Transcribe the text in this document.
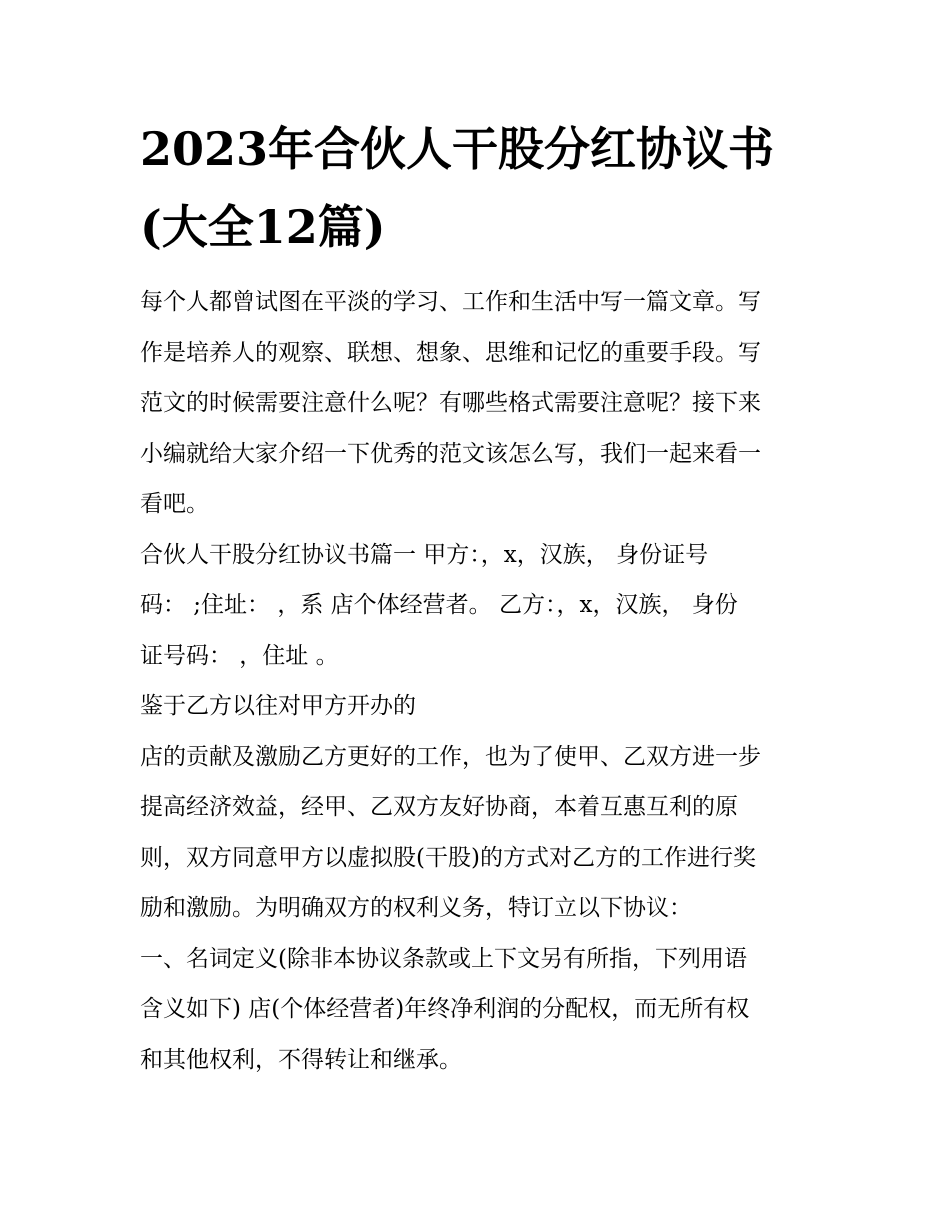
2023年合伙人干股分红协议书
(大全12篇)
每个人都曾试图在平淡的学习、工作和生活中写一篇文章。写
作是培养人的观察、联想、想象、思维和记忆的重要手段。写
范文的时候需要注意什么呢？有哪些格式需要注意呢？接下来
小编就给大家介绍一下优秀的范文该怎么写，我们一起来看一
看吧。
合伙人干股分红协议书篇一 甲方：，x，汉族， 身份证号
码： ;住址： ，系 店个体经营者。 乙方：，x，汉族， 身份
证号码： ，住址 。
鉴于乙方以往对甲方开办的
店的贡献及激励乙方更好的工作，也为了使甲、乙双方进一步
提高经济效益，经甲、乙双方友好协商，本着互惠互利的原
则，双方同意甲方以虚拟股(干股)的方式对乙方的工作进行奖
励和激励。为明确双方的权利义务，特订立以下协议：
一、名词定义(除非本协议条款或上下文另有所指，下列用语
含义如下) 店(个体经营者)年终净利润的分配权，而无所有权
和其他权利，不得转让和继承。
